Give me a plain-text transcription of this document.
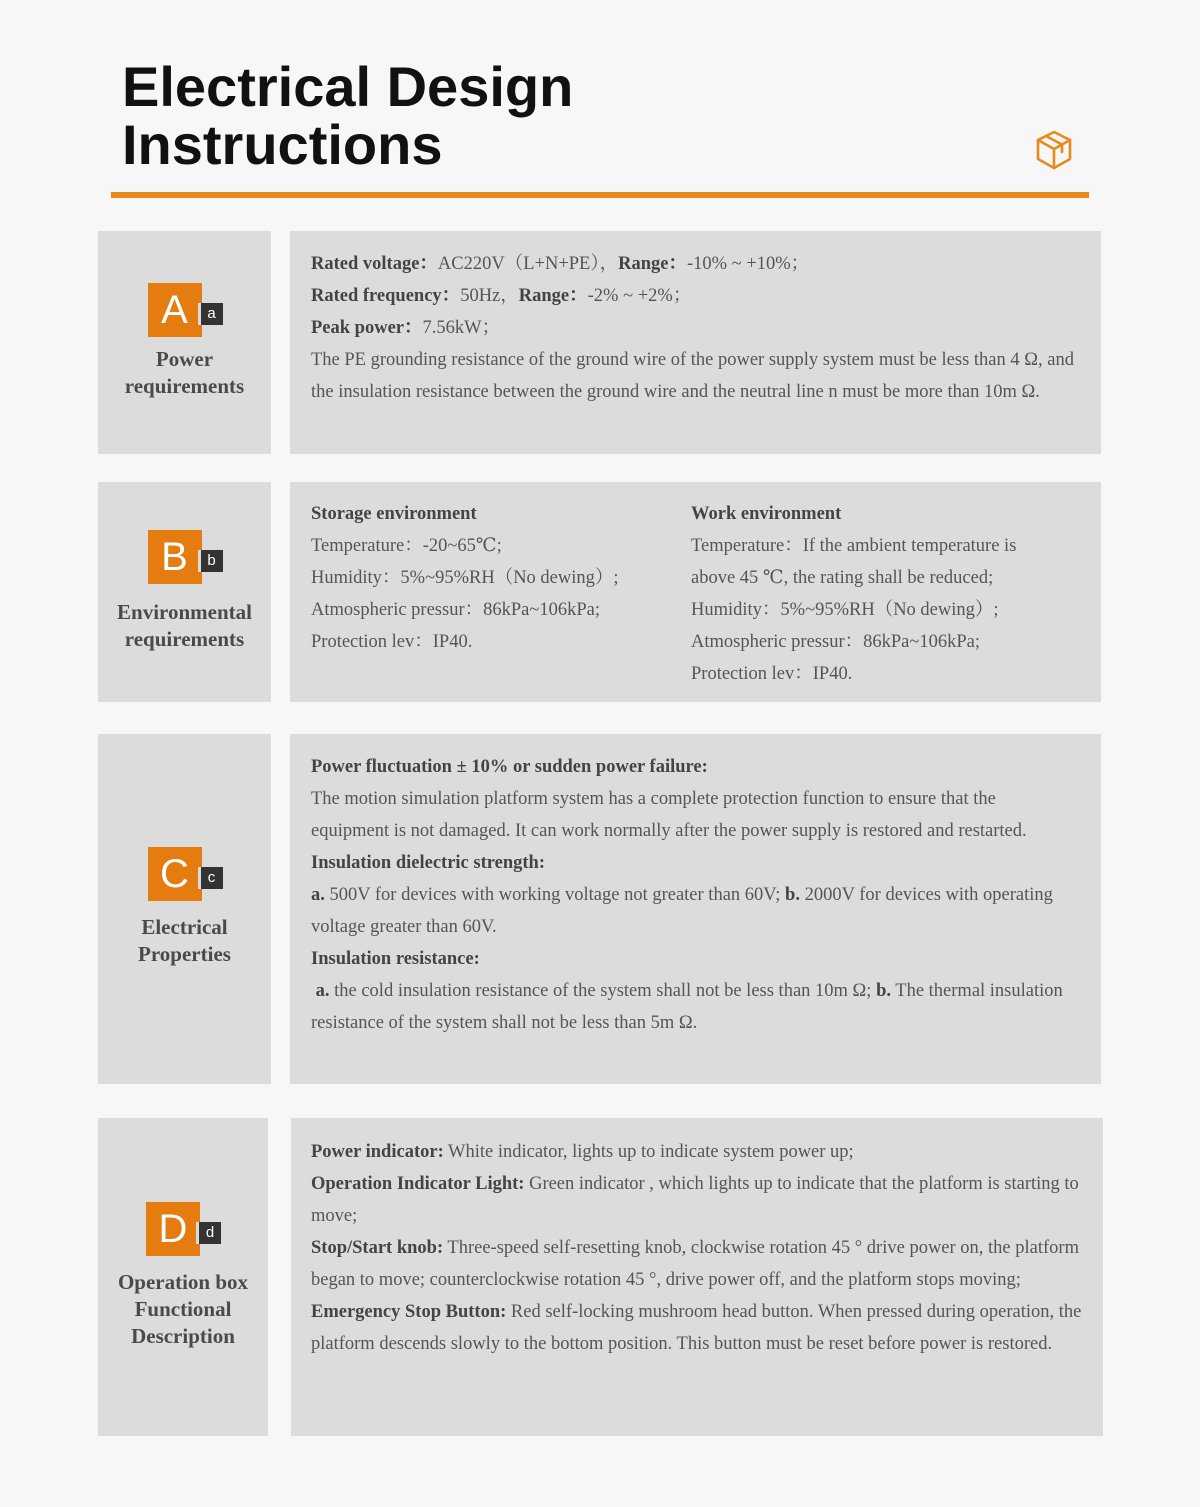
Electrical Design
Instructions
A	a
Power
requirements

Rated voltage：AC220V（L+N+PE），Range：-10% ~ +10%；

Rated frequency：50Hz，Range：-2% ~ +2%；

Peak power：7.56kW；

The PE grounding resistance of the ground wire of the power supply system must be less than 4 Ω, and the insulation resistance between the ground wire and the neutral line n must be more than 10m Ω.

B	b
Environmental
requirements

Storage environment

Temperature：-20~65℃;

Humidity：5%~95%RH（No dewing）;

Atmospheric pressur：86kPa~106kPa;

Protection lev：IP40.

Work environment

Temperature：If the ambient temperature is

above 45 ℃, the rating shall be reduced;

Humidity：5%~95%RH（No dewing）;

Atmospheric pressur：86kPa~106kPa;

Protection lev：IP40.

C	c
Electrical
Properties

Power fluctuation ± 10% or sudden power failure:

The motion simulation platform system has a complete protection function to ensure that the equipment is not damaged. It can work normally after the power supply is restored and restarted.

Insulation dielectric strength:

a. 500V for devices with working voltage not greater than 60V; b. 2000V for devices with operating voltage greater than 60V.

Insulation resistance:

a. the cold insulation resistance of the system shall not be less than 10m Ω; b. The thermal insulation resistance of the system shall not be less than 5m Ω.

D	d
Operation box
Functional
Description

Power indicator: White indicator, lights up to indicate system power up;

Operation Indicator Light: Green indicator , which lights up to indicate that the platform is starting to move;

Stop/Start knob: Three-speed self-resetting knob, clockwise rotation 45 ° drive power on, the platform began to move; counterclockwise rotation 45 °, drive power off, and the platform stops moving;

Emergency Stop Button: Red self-locking mushroom head button. When pressed during operation, the platform descends slowly to the bottom position. This button must be reset before power is restored.
